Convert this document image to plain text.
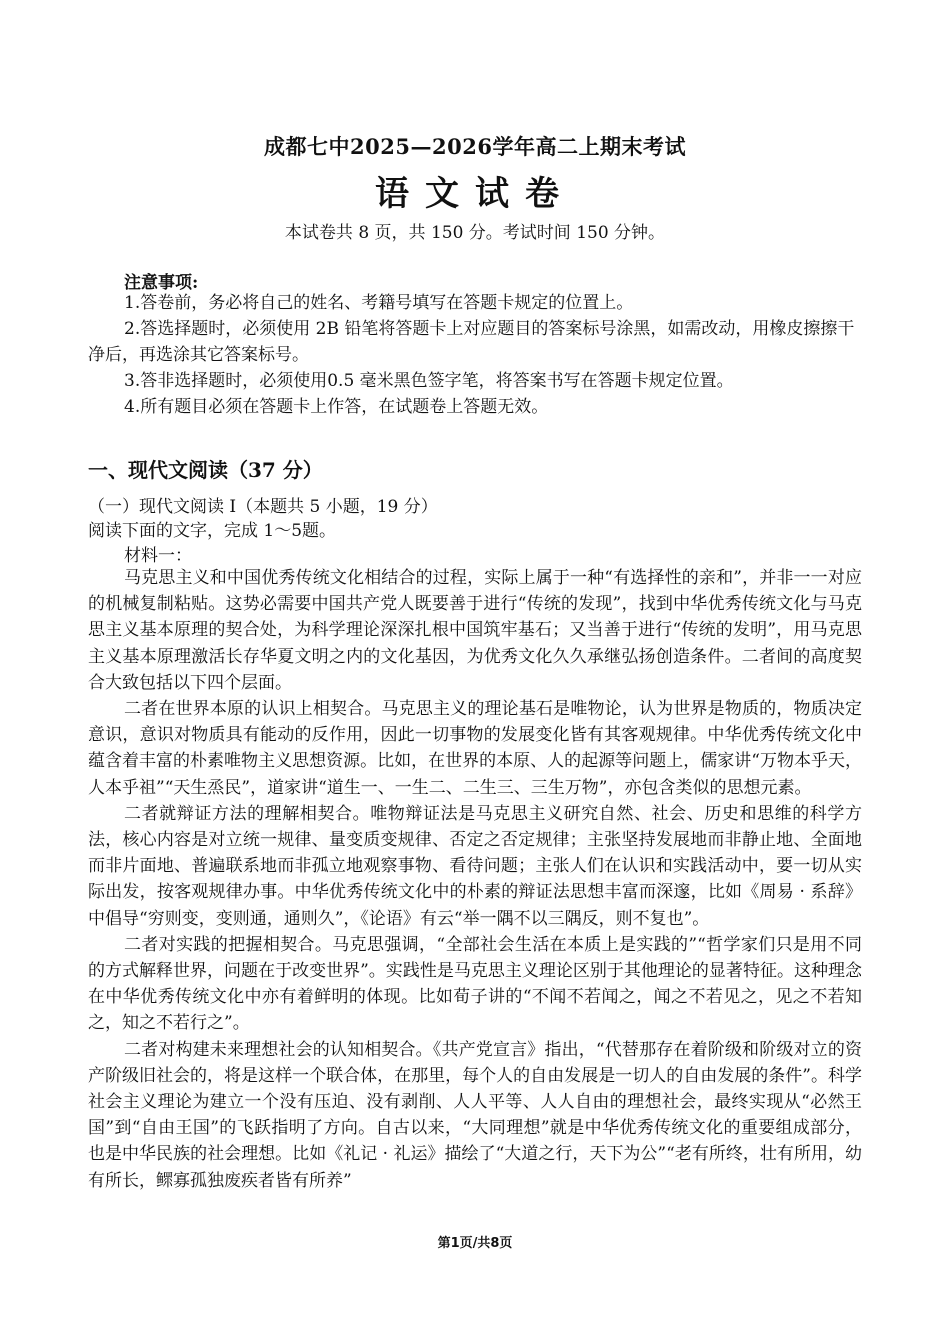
成都七中2025—2026学年高二上期末考试
语文试卷
本试卷共 8 页，共 150 分。考试时间 150 分钟。
注意事项:

1.答卷前，务必将自己的姓名、考籍号填写在答题卡规定的位置上。

2.答选择题时，必须使用 2B 铅笔将答题卡上对应题目的答案标号涂黑，如需改动，用橡皮擦擦干净后，再选涂其它答案标号。

3.答非选择题时，必须使用0.5 毫米黑色签字笔，将答案书写在答题卡规定位置。

4.所有题目必须在答题卡上作答，在试题卷上答题无效。

一、现代文阅读（37 分）
（一）现代文阅读 I（本题共 5 小题，19 分）
阅读下面的文字，完成 1～5题。
材料一：

马克思主义和中国优秀传统文化相结合的过程，实际上属于一种“有选择性的亲和”，并非一一对应的机械复制粘贴。这势必需要中国共产党人既要善于进行“传统的发现”，找到中华优秀传统文化与马克思主义基本原理的契合处，为科学理论深深扎根中国筑牢基石；又当善于进行“传统的发明”，用马克思主义基本原理激活长存华夏文明之内的文化基因，为优秀文化久久承继弘扬创造条件。二者间的高度契合大致包括以下四个层面。

二者在世界本原的认识上相契合。马克思主义的理论基石是唯物论，认为世界是物质的，物质决定意识，意识对物质具有能动的反作用，因此一切事物的发展变化皆有其客观规律。中华优秀传统文化中蕴含着丰富的朴素唯物主义思想资源。比如，在世界的本原、人的起源等问题上，儒家讲“万物本乎天，人本乎祖”“天生烝民”，道家讲“道生一、一生二、二生三、三生万物”，亦包含类似的思想元素。

二者就辩证方法的理解相契合。唯物辩证法是马克思主义研究自然、社会、历史和思维的科学方法，核心内容是对立统一规律、量变质变规律、否定之否定规律；主张坚持发展地而非静止地、全面地而非片面地、普遍联系地而非孤立地观察事物、看待问题；主张人们在认识和实践活动中，要一切从实际出发，按客观规律办事。中华优秀传统文化中的朴素的辩证法思想丰富而深邃，比如《周易 · 系辞》中倡导“穷则变，变则通，通则久”，《论语》有云“举一隅不以三隅反，则不复也”。

二者对实践的把握相契合。马克思强调，“全部社会生活在本质上是实践的”“哲学家们只是用不同的方式解释世界，问题在于改变世界”。实践性是马克思主义理论区别于其他理论的显著特征。这种理念在中华优秀传统文化中亦有着鲜明的体现。比如荀子讲的“不闻不若闻之，闻之不若见之，见之不若知之，知之不若行之”。

二者对构建未来理想社会的认知相契合。《共产党宣言》指出，“代替那存在着阶级和阶级对立的资产阶级旧社会的，将是这样一个联合体，在那里，每个人的自由发展是一切人的自由发展的条件”。科学社会主义理论为建立一个没有压迫、没有剥削、人人平等、人人自由的理想社会，最终实现从“必然王国”到“自由王国”的飞跃指明了方向。自古以来，“大同理想”就是中华优秀传统文化的重要组成部分，也是中华民族的社会理想。比如《礼记 · 礼运》描绘了“大道之行，天下为公”“老有所终，壮有所用，幼有所长，鳏寡孤独废疾者皆有所养”

第1页/共8页
